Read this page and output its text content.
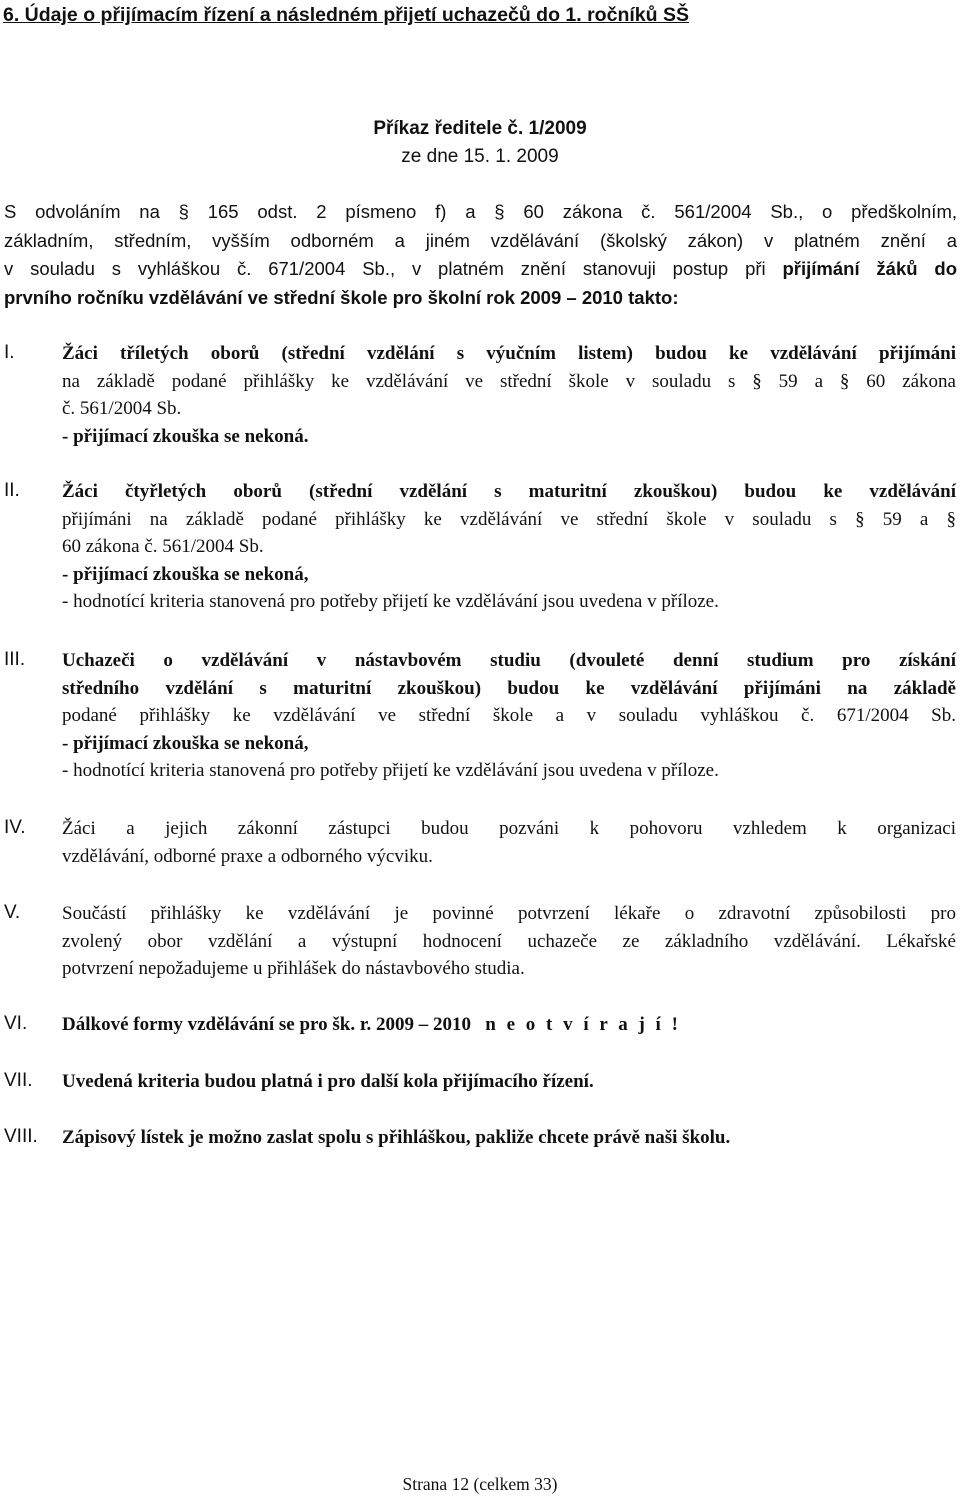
6. Údaje o přijímacím řízení a následném přijetí uchazečů do 1. ročníků SŠ
Příkaz ředitele č. 1/2009
ze dne 15. 1. 2009
S odvoláním na § 165 odst. 2 písmeno f) a § 60 zákona č. 561/2004 Sb., o předškolním,
základním, středním, vyšším odborném a jiném vzdělávání (školský zákon) v platném znění a
v souladu s vyhláškou č. 671/2004 Sb., v platném znění stanovuji postup při přijímání žáků do
prvního ročníku vzdělávání ve střední škole pro školní rok 2009 – 2010 takto:
I.	Žáci tříletých oborů (střední vzdělání s výučním listem) budou ke vzdělávání přijímáni
na základě podané přihlášky ke vzdělávání ve střední škole v souladu s § 59 a § 60 zákona
č. 561/2004 Sb.
- přijímací zkouška se nekoná.
II.	Žáci čtyřletých oborů (střední vzdělání s maturitní zkouškou) budou ke vzdělávání
přijímáni na základě podané přihlášky ke vzdělávání ve střední škole v souladu s § 59 a §
60 zákona č. 561/2004 Sb.
- přijímací zkouška se nekoná,
- hodnotící kriteria stanovená pro potřeby přijetí ke vzdělávání jsou uvedena v příloze.
III.	Uchazeči o vzdělávání v nástavbovém studiu (dvouleté denní studium pro získání
středního vzdělání s maturitní zkouškou) budou ke vzdělávání přijímáni na základě
podané přihlášky ke vzdělávání ve střední škole a v souladu vyhláškou č. 671/2004 Sb.
- přijímací zkouška se nekoná,
- hodnotící kriteria stanovená pro potřeby přijetí ke vzdělávání jsou uvedena v příloze.
IV.	Žáci a jejich zákonní zástupci budou pozváni k pohovoru vzhledem k organizaci
vzdělávání, odborné praxe a odborného výcviku.
V.	Součástí přihlášky ke vzdělávání je povinné potvrzení lékaře o zdravotní způsobilosti pro
zvolený obor vzdělání a výstupní hodnocení uchazeče ze základního vzdělávání. Lékařské
potvrzení nepožadujeme u přihlášek do nástavbového studia.
VI.	Dálkové formy vzdělávání se pro šk. r. 2009 – 2010 n e o t v í r a j í !
VII.	Uvedená kriteria budou platná i pro další kola přijímacího řízení.
VIII.	Zápisový lístek je možno zaslat spolu s přihláškou, pakliže chcete právě naši školu.
Strana 12 (celkem 33)
